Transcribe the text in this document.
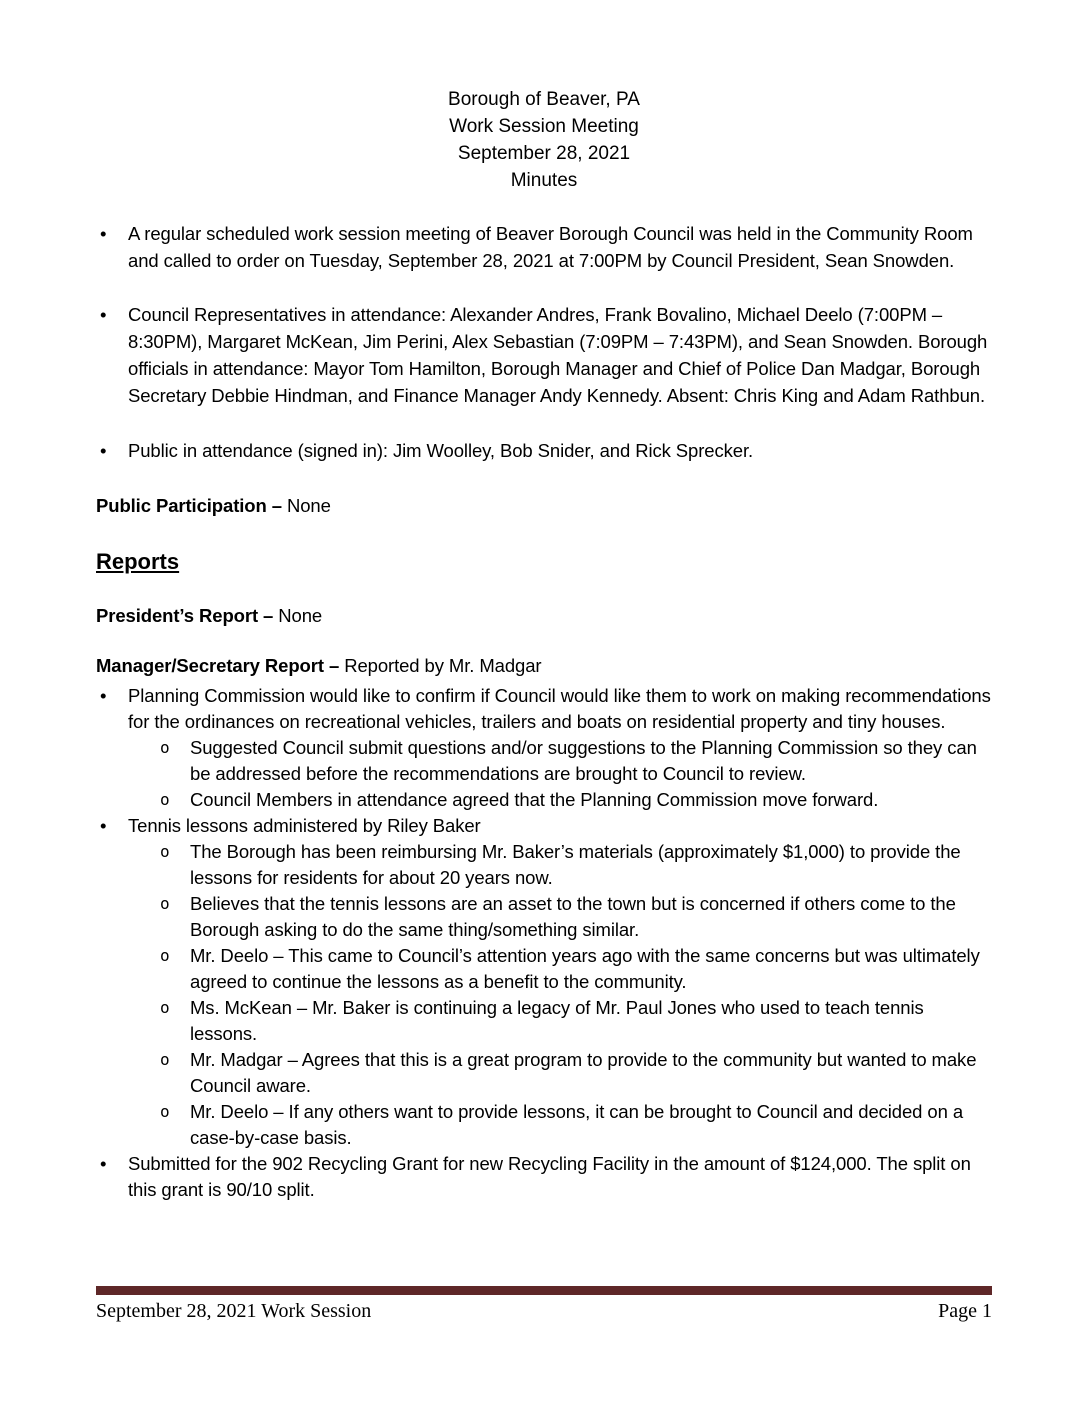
Borough of Beaver, PA
Work Session Meeting
September 28, 2021
Minutes
•	A regular scheduled work session meeting of Beaver Borough Council was held in the Community Room and called to order on Tuesday, September 28, 2021 at 7:00PM by Council President, Sean Snowden.
•	Council Representatives in attendance: Alexander Andres, Frank Bovalino, Michael Deelo (7:00PM – 8:30PM), Margaret McKean, Jim Perini, Alex Sebastian (7:09PM – 7:43PM), and Sean Snowden. Borough officials in attendance: Mayor Tom Hamilton, Borough Manager and Chief of Police Dan Madgar, Borough Secretary Debbie Hindman, and Finance Manager Andy Kennedy. Absent: Chris King and Adam Rathbun.
•	Public in attendance (signed in): Jim Woolley, Bob Snider, and Rick Sprecker.
Public Participation – None
Reports
President’s Report – None
Manager/Secretary Report – Reported by Mr. Madgar
•	Planning Commission would like to confirm if Council would like them to work on making recommendations for the ordinances on recreational vehicles, trailers and boats on residential property and tiny houses.
o	Suggested Council submit questions and/or suggestions to the Planning Commission so they can be addressed before the recommendations are brought to Council to review.
o	Council Members in attendance agreed that the Planning Commission move forward.
•	Tennis lessons administered by Riley Baker
o	The Borough has been reimbursing Mr. Baker’s materials (approximately $1,000) to provide the lessons for residents for about 20 years now.
o	Believes that the tennis lessons are an asset to the town but is concerned if others come to the Borough asking to do the same thing/something similar.
o	Mr. Deelo – This came to Council’s attention years ago with the same concerns but was ultimately agreed to continue the lessons as a benefit to the community.
o	Ms. McKean – Mr. Baker is continuing a legacy of Mr. Paul Jones who used to teach tennis lessons.
o	Mr. Madgar – Agrees that this is a great program to provide to the community but wanted to make Council aware.
o	Mr. Deelo – If any others want to provide lessons, it can be brought to Council and decided on a case-by-case basis.
•	Submitted for the 902 Recycling Grant for new Recycling Facility in the amount of $124,000. The split on this grant is 90/10 split.
September 28, 2021 Work Session	Page 1
